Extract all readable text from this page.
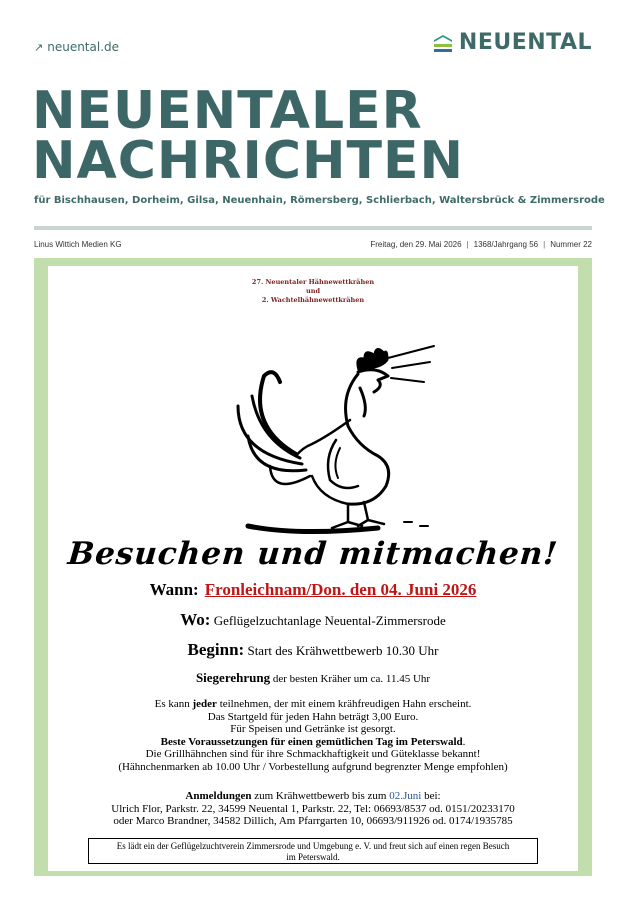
↗ neuental.de	NEUENTAL
NEUENTALER
NACHRICHTEN
für Bischhausen, Dorheim, Gilsa, Neuenhain, Römersberg, Schlierbach, Waltersbrück & Zimmersrode
Linus Wittich Medien KG	Freitag, den 29. Mai 2026 | 1368/Jahrgang 56 | Nummer 22
27. Neuentaler Hähnewettkrähen
und
2. Wachtelhähnewettkrähen
Besuchen und mitmachen!
Wann: Fronleichnam/Don. den 04. Juni 2026
Wo: Geflügelzuchtanlage Neuental-Zimmersrode
Beginn: Start des Krähwettbewerb 10.30 Uhr
Siegerehrung der besten Kräher um ca. 11.45 Uhr
Es kann jeder teilnehmen, der mit einem krähfreudigen Hahn erscheint.
Das Startgeld für jeden Hahn beträgt 3,00 Euro.
Für Speisen und Getränke ist gesorgt.
Beste Voraussetzungen für einen gemütlichen Tag im Peterswald.
Die Grillhähnchen sind für ihre Schmackhaftigkeit und Güteklasse bekannt!
(Hähnchenmarken ab 10.00 Uhr / Vorbestellung aufgrund begrenzter Menge empfohlen)
Anmeldungen zum Krähwettbewerb bis zum 02.Juni bei:
Ulrich Flor, Parkstr. 22, 34599 Neuental 1, Parkstr. 22, Tel: 06693/8537 od. 0151/20233170
oder Marco Brandner, 34582 Dillich, Am Pfarrgarten 10, 06693/911926 od. 0174/1935785
Es lädt ein der Geflügelzuchtverein Zimmersrode und Umgebung e. V. und freut sich auf einen regen Besuch
im Peterswald.
